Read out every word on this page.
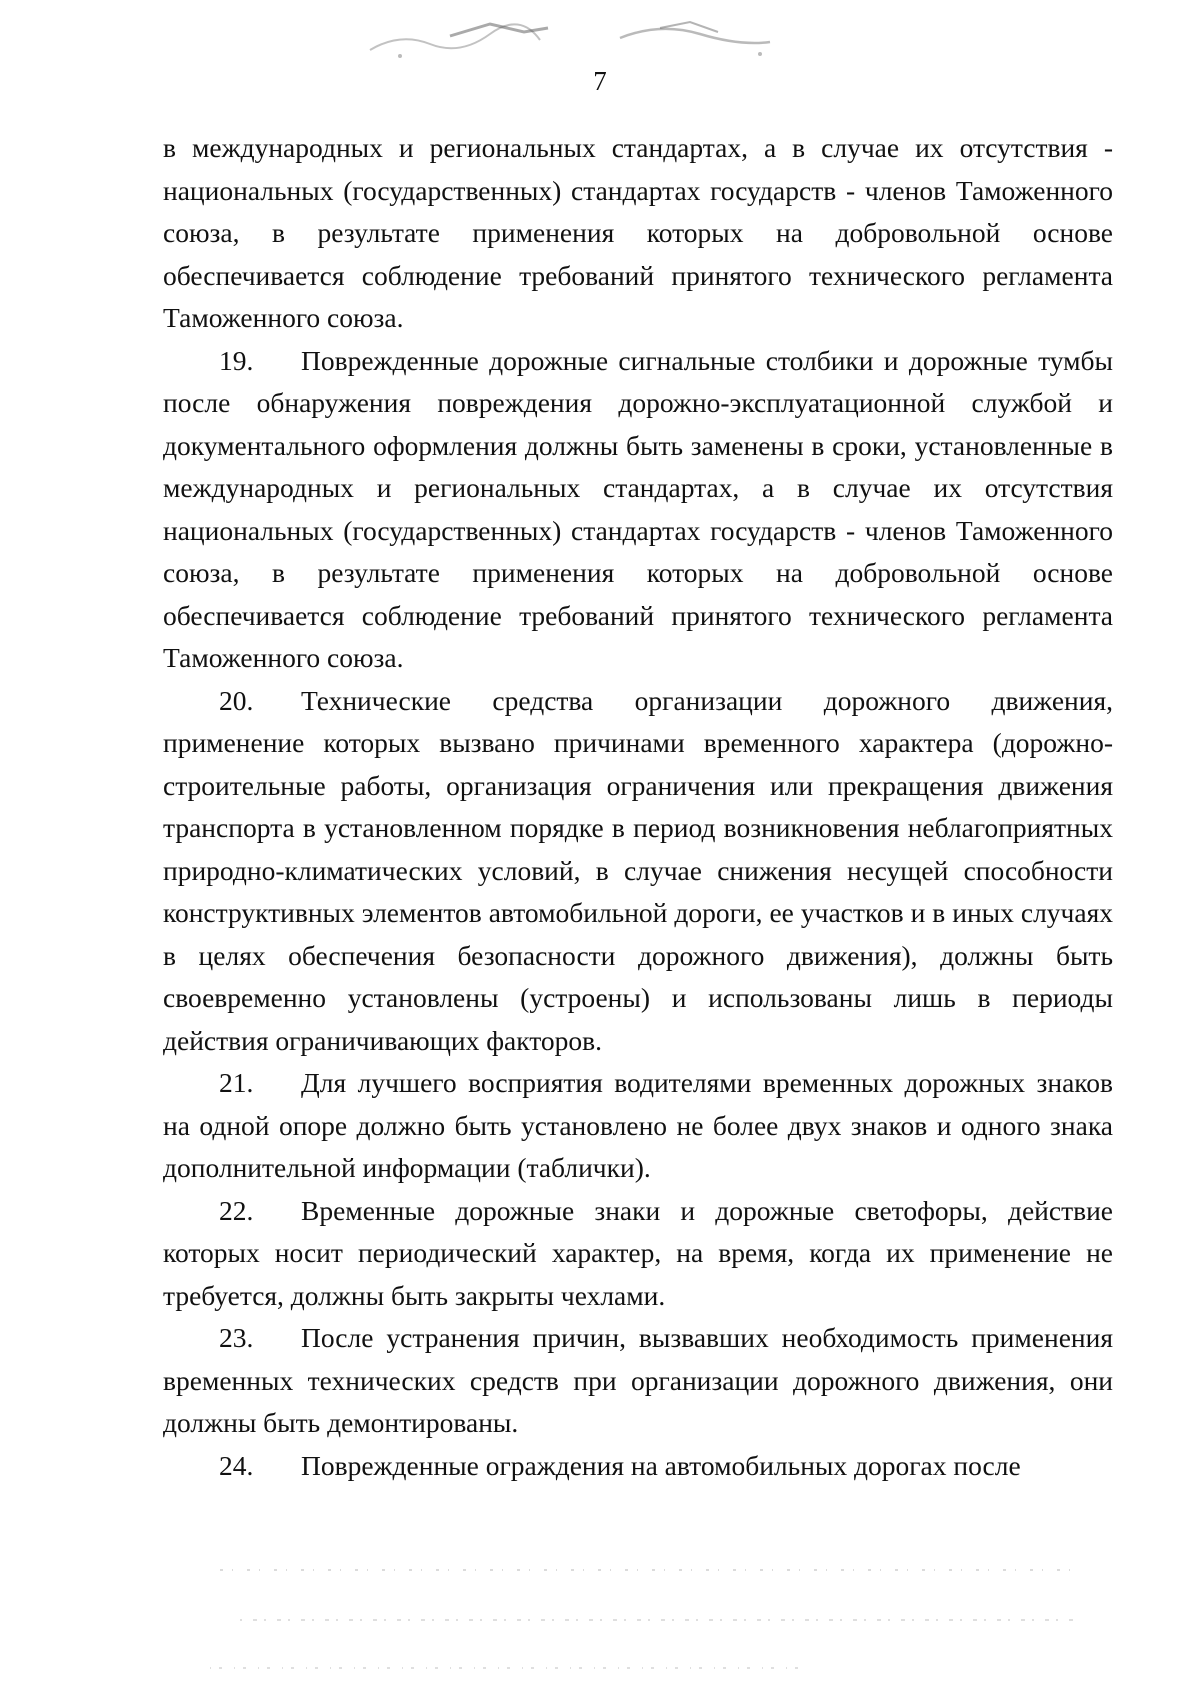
7

в международных и региональных стандартах, а в случае их отсутствия - национальных (государственных) стандартах государств - членов Таможенного союза, в результате применения которых на добровольной основе обеспечивается соблюдение требований принятого технического регламента Таможенного союза.

19. Поврежденные дорожные сигнальные столбики и дорожные тумбы после обнаружения повреждения дорожно-эксплуатационной службой и документального оформления должны быть заменены в сроки, установленные в международных и региональных стандартах, а в случае их отсутствия национальных (государственных) стандартах государств - членов Таможенного союза, в результате применения которых на добровольной основе обеспечивается соблюдение требований принятого технического регламента Таможенного союза.

20. Технические средства организации дорожного движения, применение которых вызвано причинами временного характера (дорожно-строительные работы, организация ограничения или прекращения движения транспорта в установленном порядке в период возникновения неблагоприятных природно-климатических условий, в случае снижения несущей способности конструктивных элементов автомобильной дороги, ее участков и в иных случаях в целях обеспечения безопасности дорожного движения), должны быть своевременно установлены (устроены) и использованы лишь в периоды действия ограничивающих факторов.

21. Для лучшего восприятия водителями временных дорожных знаков на одной опоре должно быть установлено не более двух знаков и одного знака дополнительной информации (таблички).

22. Временные дорожные знаки и дорожные светофоры, действие которых носит периодический характер, на время, когда их применение не требуется, должны быть закрыты чехлами.

23. После устранения причин, вызвавших необходимость применения временных технических средств при организации дорожного движения, они должны быть демонтированы.

24. Поврежденные ограждения на автомобильных дорогах после
